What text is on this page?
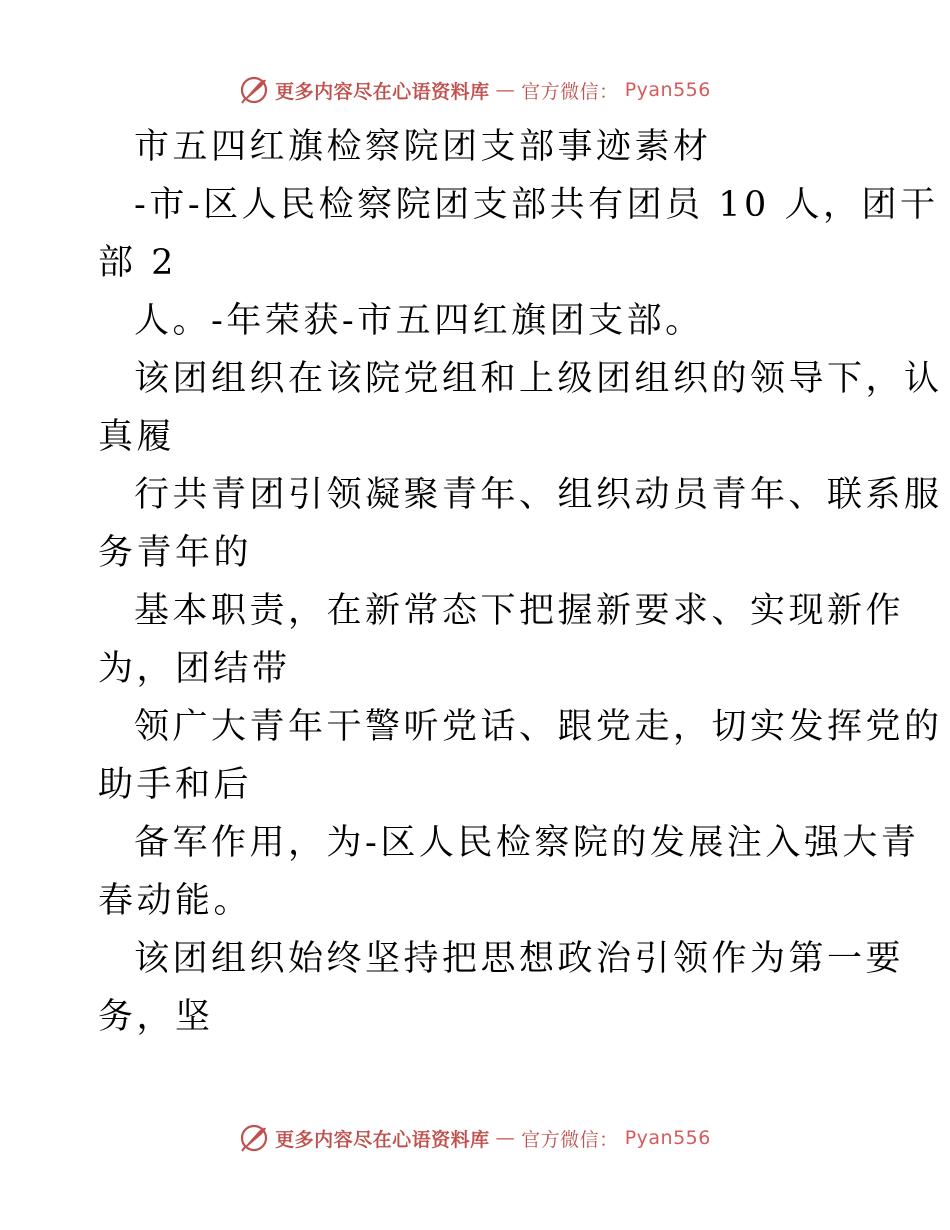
更多内容尽在心语资料库 — 官方微信： Pyan556
市五四红旗检察院团支部事迹素材
-市-区人民检察院团支部共有团员 10 人，团干
部 2
人。-年荣获-市五四红旗团支部。
该团组织在该院党组和上级团组织的领导下，认
真履
行共青团引领凝聚青年、组织动员青年、联系服
务青年的
基本职责，在新常态下把握新要求、实现新作
为，团结带
领广大青年干警听党话、跟党走，切实发挥党的
助手和后
备军作用，为-区人民检察院的发展注入强大青
春动能。
该团组织始终坚持把思想政治引领作为第一要
务，坚
更多内容尽在心语资料库 — 官方微信： Pyan556
